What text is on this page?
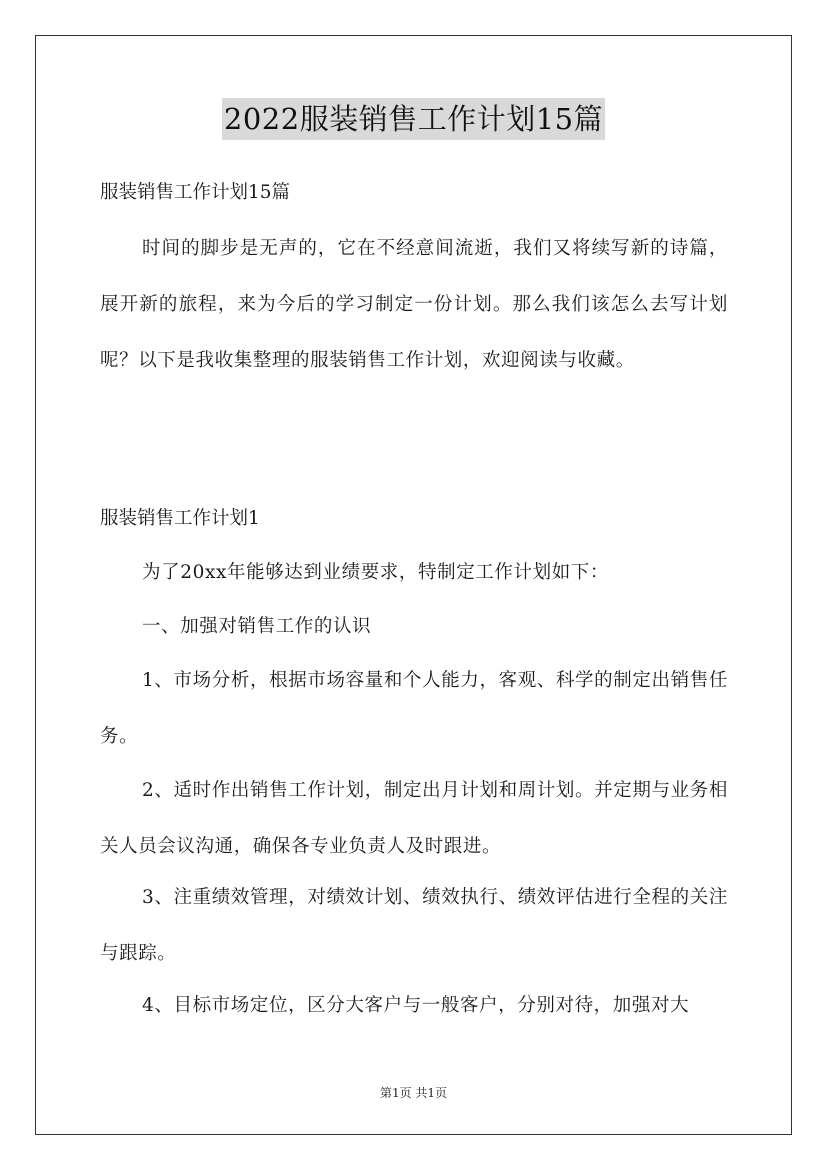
2022服装销售工作计划15篇

服装销售工作计划15篇

时间的脚步是无声的，它在不经意间流逝，我们又将续写新的诗篇，展开新的旅程，来为今后的学习制定一份计划。那么我们该怎么去写计划呢？以下是我收集整理的服装销售工作计划，欢迎阅读与收藏。

服装销售工作计划1

为了20xx年能够达到业绩要求，特制定工作计划如下：

一、加强对销售工作的认识

1、市场分析，根据市场容量和个人能力，客观、科学的制定出销售任务。

2、适时作出销售工作计划，制定出月计划和周计划。并定期与业务相关人员会议沟通，确保各专业负责人及时跟进。

3、注重绩效管理，对绩效计划、绩效执行、绩效评估进行全程的关注与跟踪。

4、目标市场定位，区分大客户与一般客户，分别对待，加强对大

第1页 共1页
